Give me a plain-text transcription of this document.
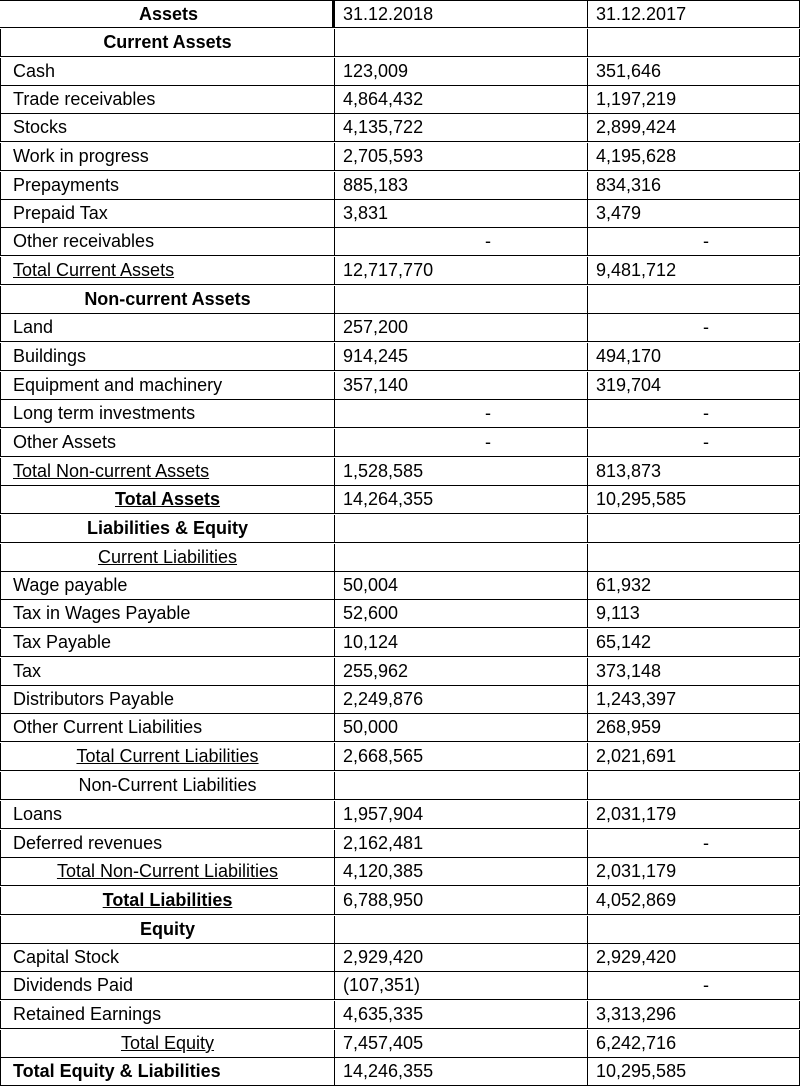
Assets	31.12.2018	31.12.2017
Current Assets
Cash	123,009	351,646
Trade receivables	4,864,432	1,197,219
Stocks	4,135,722	2,899,424
Work in progress	2,705,593	4,195,628
Prepayments	885,183	834,316
Prepaid Tax	3,831	3,479
Other receivables	-	-
Total Current Assets	12,717,770	9,481,712
Non-current Assets
Land	257,200	-
Buildings	914,245	494,170
Equipment and machinery	357,140	319,704
Long term investments	-	-
Other Assets	-	-
Total Non-current Assets	1,528,585	813,873
Total Assets	14,264,355	10,295,585
Liabilities & Equity
Current Liabilities
Wage payable	50,004	61,932
Tax in Wages Payable	52,600	9,113
Tax Payable	10,124	65,142
Tax	255,962	373,148
Distributors Payable	2,249,876	1,243,397
Other Current Liabilities	50,000	268,959
Total Current Liabilities	2,668,565	2,021,691
Non-Current Liabilities
Loans	1,957,904	2,031,179
Deferred revenues	2,162,481	-
Total Non-Current Liabilities	4,120,385	2,031,179
Total Liabilities	6,788,950	4,052,869
Equity
Capital Stock	2,929,420	2,929,420
Dividends Paid	(107,351)	-
Retained Earnings	4,635,335	3,313,296
Total Equity	7,457,405	6,242,716
Total Equity & Liabilities	14,246,355	10,295,585
